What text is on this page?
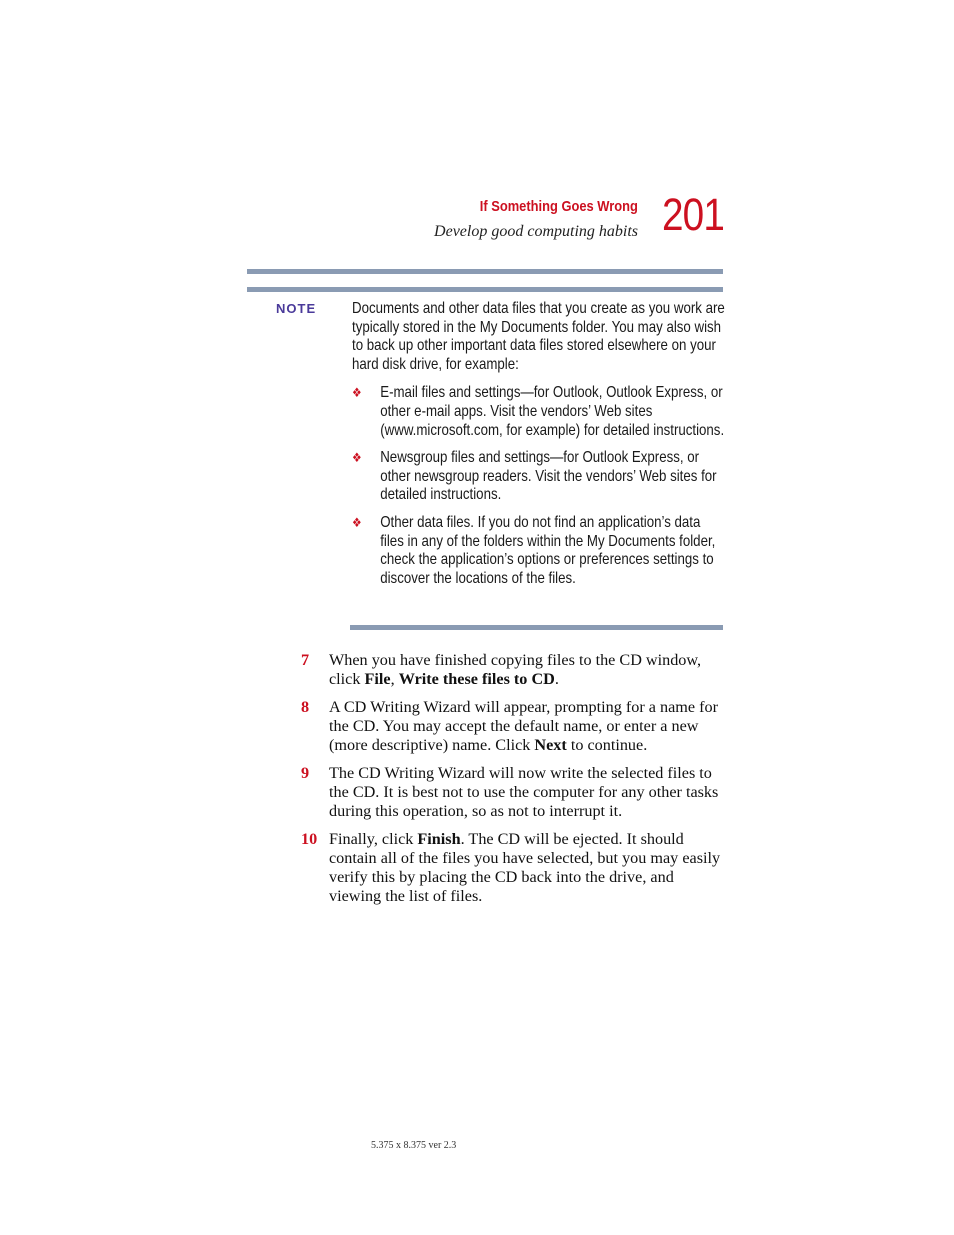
If Something Goes Wrong
Develop good computing habits 201
NOTE Documents and other data files that you create as you work are typically stored in the My Documents folder. You may also wish to back up other important data files stored elsewhere on your hard disk drive, for example:

❖	E-mail files and settings—for Outlook, Outlook Express, or other e-mail apps. Visit the vendors’ Web sites (www.microsoft.com, for example) for detailed instructions.
❖	Newsgroup files and settings—for Outlook Express, or other newsgroup readers. Visit the vendors’ Web sites for detailed instructions.
❖	Other data files. If you do not find an application’s data files in any of the folders within the My Documents folder, check the application’s options or preferences settings to discover the locations of the files.
7	When you have finished copying files to the CD window, click File, Write these files to CD.
8	A CD Writing Wizard will appear, prompting for a name for the CD. You may accept the default name, or enter a new (more descriptive) name. Click Next to continue.
9	The CD Writing Wizard will now write the selected files to the CD. It is best not to use the computer for any other tasks during this operation, so as not to interrupt it.
10 Finally, click Finish. The CD will be ejected. It should contain all of the files you have selected, but you may easily verify this by placing the CD back into the drive, and viewing the list of files.
5.375 x 8.375 ver 2.3
